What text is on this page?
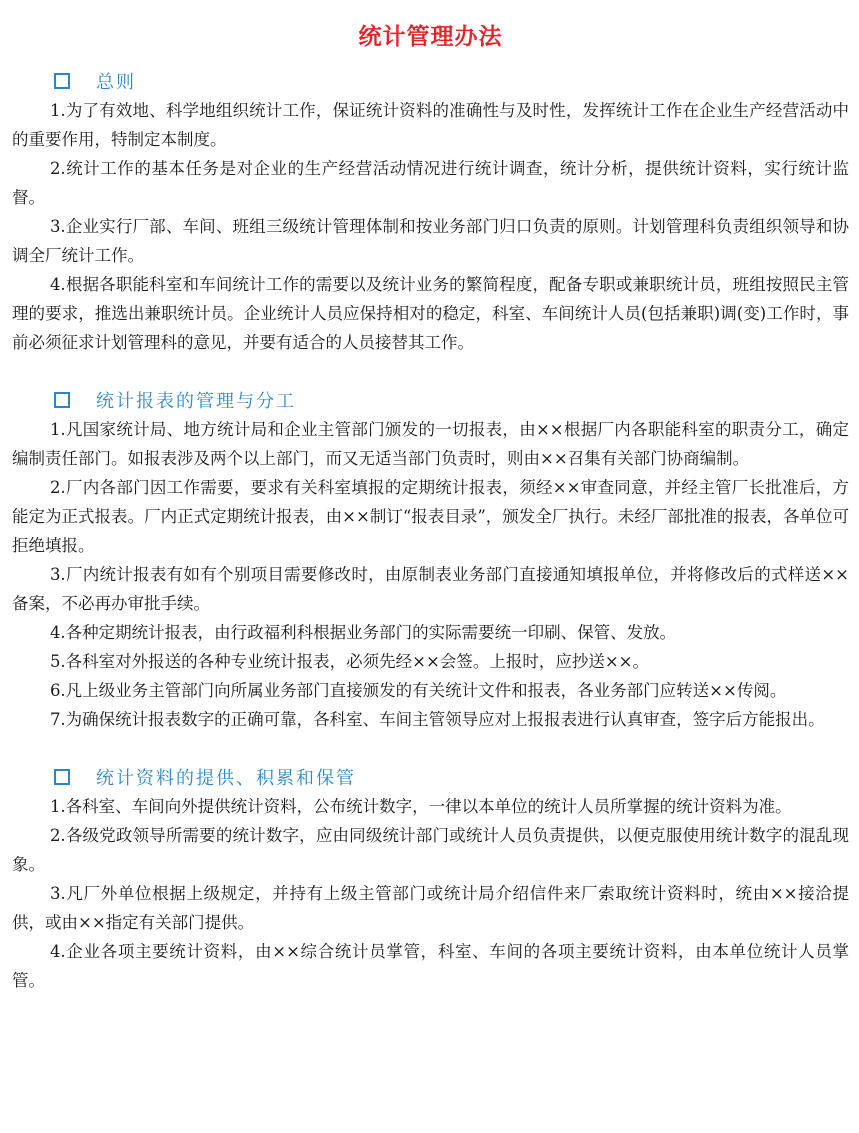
统计管理办法
总则

1.为了有效地、科学地组织统计工作，保证统计资料的准确性与及时性，发挥统计工作在企业生产经营活动中的重要作用，特制定本制度。

2.统计工作的基本任务是对企业的生产经营活动情况进行统计调查，统计分析，提供统计资料，实行统计监督。

3.企业实行厂部、车间、班组三级统计管理体制和按业务部门归口负责的原则。计划管理科负责组织领导和协调全厂统计工作。

4.根据各职能科室和车间统计工作的需要以及统计业务的繁简程度，配备专职或兼职统计员，班组按照民主管理的要求，推选出兼职统计员。企业统计人员应保持相对的稳定，科室、车间统计人员(包括兼职)调(变)工作时，事前必须征求计划管理科的意见，并要有适合的人员接替其工作。

统计报表的管理与分工

1.凡国家统计局、地方统计局和企业主管部门颁发的一切报表，由××根据厂内各职能科室的职责分工，确定编制责任部门。如报表涉及两个以上部门，而又无适当部门负责时，则由××召集有关部门协商编制。

2.厂内各部门因工作需要，要求有关科室填报的定期统计报表，须经××审查同意，并经主管厂长批准后，方能定为正式报表。厂内正式定期统计报表，由××制订“报表目录”，颁发全厂执行。未经厂部批准的报表，各单位可拒绝填报。

3.厂内统计报表有如有个别项目需要修改时，由原制表业务部门直接通知填报单位，并将修改后的式样送××备案，不必再办审批手续。

4.各种定期统计报表，由行政福利科根据业务部门的实际需要统一印刷、保管、发放。

5.各科室对外报送的各种专业统计报表，必须先经××会签。上报时，应抄送××。

6.凡上级业务主管部门向所属业务部门直接颁发的有关统计文件和报表，各业务部门应转送××传阅。

7.为确保统计报表数字的正确可靠，各科室、车间主管领导应对上报报表进行认真审查，签字后方能报出。

统计资料的提供、积累和保管

1.各科室、车间向外提供统计资料，公布统计数字，一律以本单位的统计人员所掌握的统计资料为准。

2.各级党政领导所需要的统计数字，应由同级统计部门或统计人员负责提供，以便克服使用统计数字的混乱现象。

3.凡厂外单位根据上级规定，并持有上级主管部门或统计局介绍信件来厂索取统计资料时，统由××接洽提供，或由××指定有关部门提供。

4.企业各项主要统计资料，由××综合统计员掌管，科室、车间的各项主要统计资料，由本单位统计人员掌管。
